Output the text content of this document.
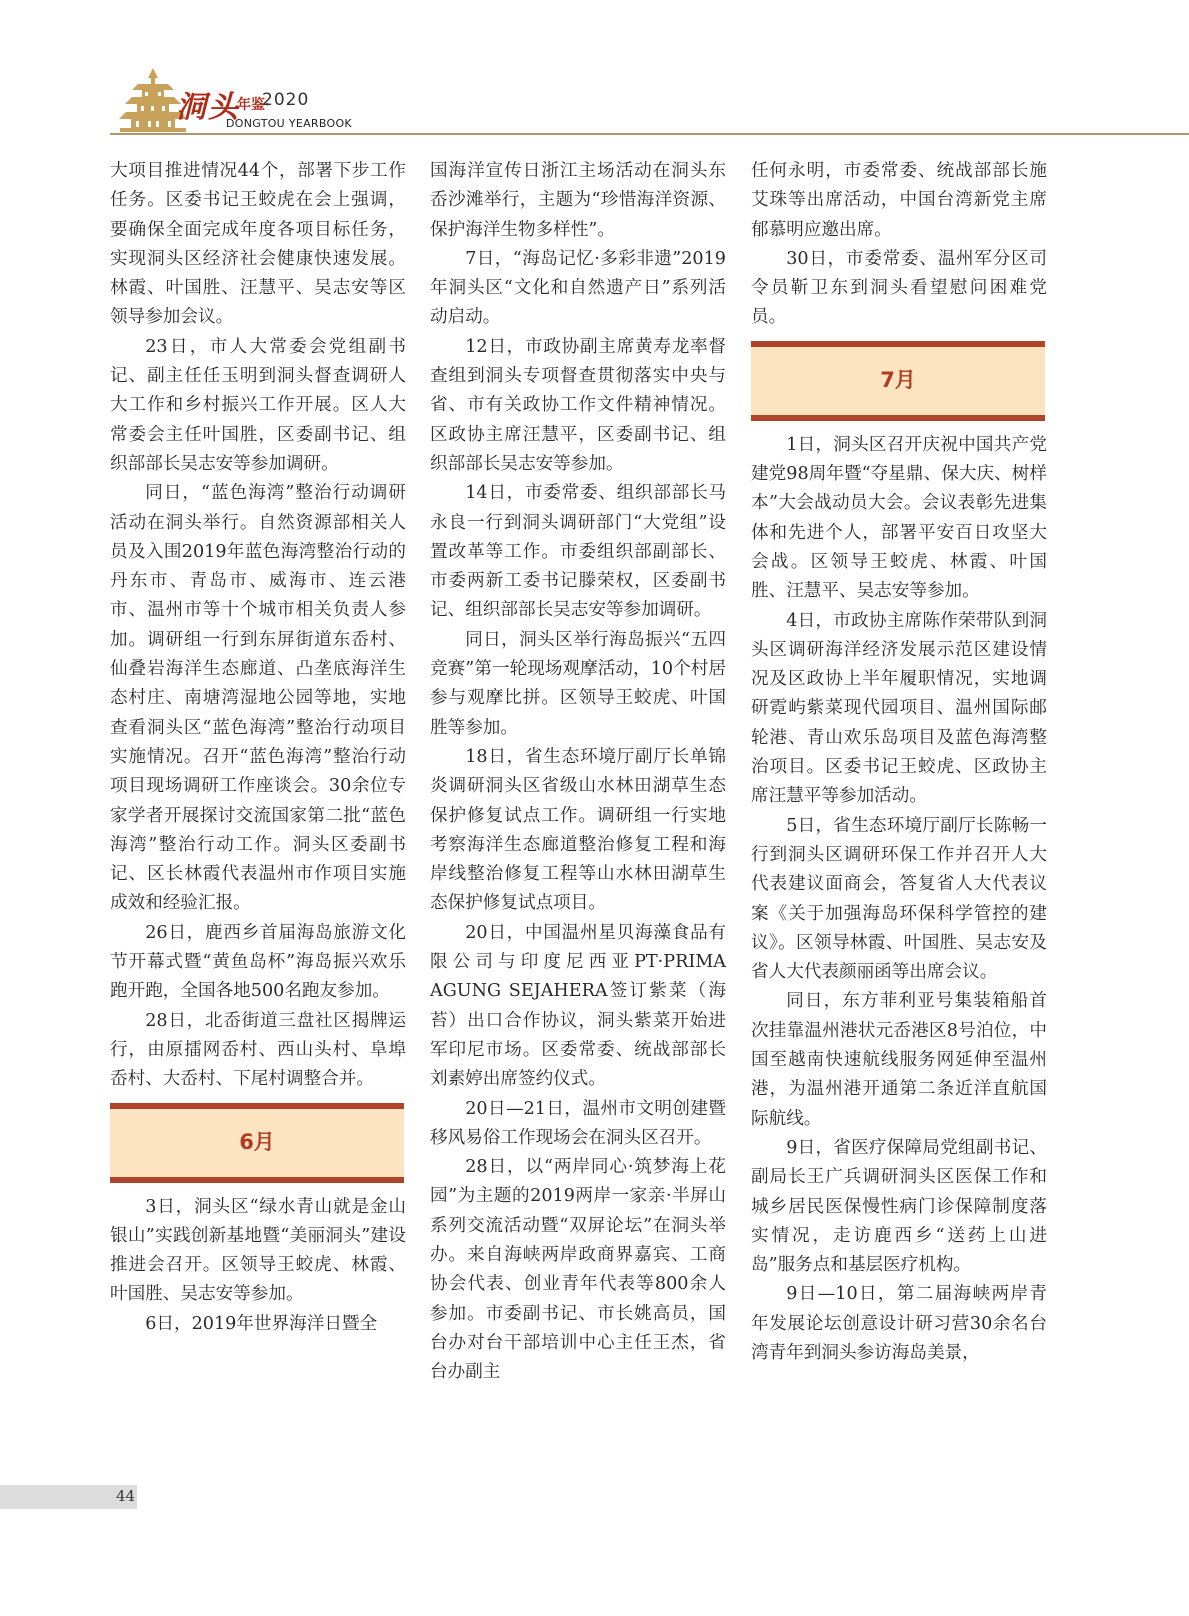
洞头
年鉴·
2020
DONGTOU YEARBOOK

大项目推进情况44个，部署下步工作任务。区委书记王蛟虎在会上强调，要确保全面完成年度各项目标任务，实现洞头区经济社会健康快速发展。林霞、叶国胜、汪慧平、吴志安等区领导参加会议。

23日，市人大常委会党组副书记、副主任任玉明到洞头督查调研人大工作和乡村振兴工作开展。区人大常委会主任叶国胜，区委副书记、组织部部长吴志安等参加调研。

同日，“蓝色海湾”整治行动调研活动在洞头举行。自然资源部相关人员及入围2019年蓝色海湾整治行动的丹东市、青岛市、威海市、连云港市、温州市等十个城市相关负责人参加。调研组一行到东屏街道东岙村、仙叠岩海洋生态廊道、凸垄底海洋生态村庄、南塘湾湿地公园等地，实地查看洞头区“蓝色海湾”整治行动项目实施情况。召开“蓝色海湾”整治行动项目现场调研工作座谈会。30余位专家学者开展探讨交流国家第二批“蓝色海湾”整治行动工作。洞头区委副书记、区长林霞代表温州市作项目实施成效和经验汇报。

26日，鹿西乡首届海岛旅游文化节开幕式暨“黄鱼岛杯”海岛振兴欢乐跑开跑，全国各地500名跑友参加。

28日，北岙街道三盘社区揭牌运行，由原擂网岙村、西山头村、阜埠岙村、大岙村、下尾村调整合并。

6月

3日，洞头区“绿水青山就是金山银山”实践创新基地暨“美丽洞头”建设推进会召开。区领导王蛟虎、林霞、叶国胜、吴志安等参加。

6日，2019年世界海洋日暨全

国海洋宣传日浙江主场活动在洞头东岙沙滩举行，主题为“珍惜海洋资源、保护海洋生物多样性”。

7日，“海岛记忆·多彩非遗”2019年洞头区“文化和自然遗产日”系列活动启动。

12日，市政协副主席黄寿龙率督查组到洞头专项督查贯彻落实中央与省、市有关政协工作文件精神情况。区政协主席汪慧平，区委副书记、组织部部长吴志安等参加。

14日，市委常委、组织部部长马永良一行到洞头调研部门“大党组”设置改革等工作。市委组织部副部长、市委两新工委书记滕荣权，区委副书记、组织部部长吴志安等参加调研。

同日，洞头区举行海岛振兴“五四竞赛”第一轮现场观摩活动，10个村居参与观摩比拼。区领导王蛟虎、叶国胜等参加。

18日，省生态环境厅副厅长单锦炎调研洞头区省级山水林田湖草生态保护修复试点工作。调研组一行实地考察海洋生态廊道整治修复工程和海岸线整治修复工程等山水林田湖草生态保护修复试点项目。

20日，中国温州星贝海藻食品有限公司与印度尼西亚PT·PRIMA AGUNG SEJAHERA签订紫菜（海苔）出口合作协议，洞头紫菜开始进军印尼市场。区委常委、统战部部长刘素婷出席签约仪式。

20日—21日，温州市文明创建暨移风易俗工作现场会在洞头区召开。

28日，以“两岸同心·筑梦海上花园”为主题的2019两岸一家亲·半屏山系列交流活动暨“双屏论坛”在洞头举办。来自海峡两岸政商界嘉宾、工商协会代表、创业青年代表等800余人参加。市委副书记、市长姚高员，国台办对台干部培训中心主任王杰，省台办副主

任何永明，市委常委、统战部部长施艾珠等出席活动，中国台湾新党主席郁慕明应邀出席。

30日，市委常委、温州军分区司令员靳卫东到洞头看望慰问困难党员。

7月

1日，洞头区召开庆祝中国共产党建党98周年暨“夺星鼎、保大庆、树样本”大会战动员大会。会议表彰先进集体和先进个人，部署平安百日攻坚大会战。区领导王蛟虎、林霞、叶国胜、汪慧平、吴志安等参加。

4日，市政协主席陈作荣带队到洞头区调研海洋经济发展示范区建设情况及区政协上半年履职情况，实地调研霓屿紫菜现代园项目、温州国际邮轮港、青山欢乐岛项目及蓝色海湾整治项目。区委书记王蛟虎、区政协主席汪慧平等参加活动。

5日，省生态环境厅副厅长陈畅一行到洞头区调研环保工作并召开人大代表建议面商会，答复省人大代表议案《关于加强海岛环保科学管控的建议》。区领导林霞、叶国胜、吴志安及省人大代表颜丽函等出席会议。

同日，东方菲利亚号集装箱船首次挂靠温州港状元岙港区8号泊位，中国至越南快速航线服务网延伸至温州港，为温州港开通第二条近洋直航国际航线。

9日，省医疗保障局党组副书记、副局长王广兵调研洞头区医保工作和城乡居民医保慢性病门诊保障制度落实情况，走访鹿西乡“送药上山进岛”服务点和基层医疗机构。

9日—10日，第二届海峡两岸青年发展论坛创意设计研习营30余名台湾青年到洞头参访海岛美景，

44
